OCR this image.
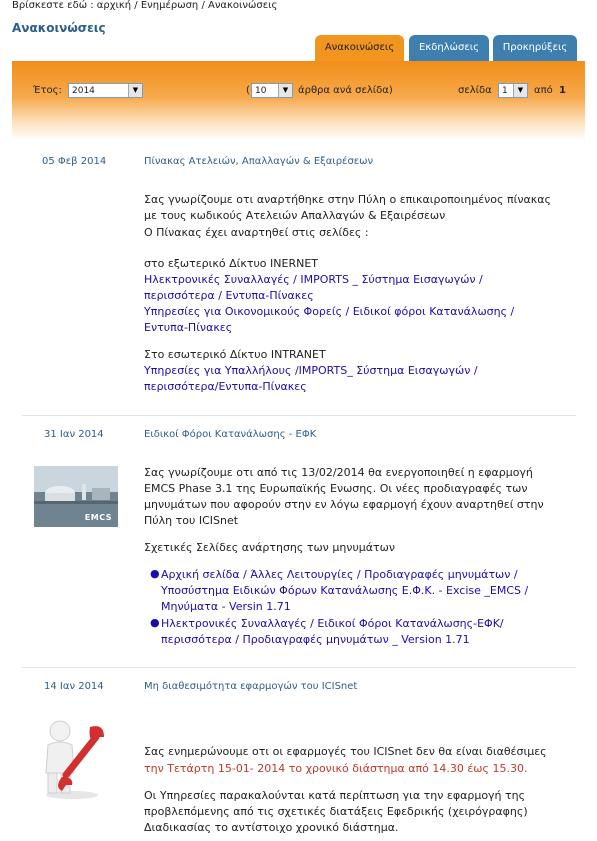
Βρίσκεστε εδώ : αρχική / Ενημέρωση / Ανακοινώσεις
Ανακοινώσεις
Ανακοινώσεις	Εκδηλώσεις	Προκηρύξεις
Έτος:	2014	▼	( 10	▼ άρθρα ανά σελίδα)	σελίδα	1	▼	από 1
05 Φεβ 2014	Πίνακας Ατελειών, Απαλλαγών & Εξαιρέσεων
Σας γνωρίζουμε οτι αναρτήθηκε στην Πύλη ο επικαιροποιημένος πίνακας
με τους κωδικούς Ατελειών Απαλλαγών & Εξαιρέσεων
Ο Πίνακας έχει αναρτηθεί στις σελίδες :
στο εξωτερικό Δίκτυο INERNET
Ηλεκτρονικές Συναλλαγές / IMPORTS _ Σύστημα Εισαγωγών /
περισσότερα / Εντυπα-Πίνακες
Υπηρεσίες για Οικονομικούς Φορείς / Ειδικοί φόροι Κατανάλωσης /
Εντυπα-Πίνακες
Στο εσωτερικό Δίκτυο INTRANET
Υπηρεσίες για Υπαλλήλους /IMPORTS_ Σύστημα Εισαγωγών /
περισσότερα/Εντυπα-Πίνακες
31 Ιαν 2014	Ειδικοί Φόροι Κατανάλωσης - ΕΦΚ
EMCS
Σας γνωρίζουμε οτι από τις 13/02/2014 θα ενεργοποιηθεί η εφαρμογή
EMCS Phase 3.1 της Ευρωπαϊκής Ενωσης. Οι νέες προδιαγραφές των
μηνυμάτων που αφορούν στην εν λόγω εφαρμογή έχουν αναρτηθεί στην
Πύλη του ICISnet
Σχετικές Σελίδες ανάρτησης των μηνυμάτων
● Αρχική σελίδα / Άλλες Λειτουργίες / Προδιαγραφές μηνυμάτων /
Υποσύστημα Ειδικών Φόρων Κατανάλωσης Ε.Φ.Κ. - Excise _EMCS /
Μηνύματα - Versin 1.71
● Ηλεκτρονικές Συναλλαγές / Ειδικοί Φόροι Κατανάλωσης-ΕΦΚ/
περισσότερα / Προδιαγραφές μηνυμάτων _ Version 1.71
14 Ιαν 2014	Μη διαθεσιμότητα εφαρμογών του ICISnet
Σας ενημερώνουμε οτι οι εφαρμογές του ICISnet δεν θα είναι διαθέσιμες
την Τετάρτη 15-01- 2014 το χρονικό διάστημα από 14.30 έως 15.30.
Οι Υπηρεσίες παρακαλούνται κατά περίπτωση για την εφαρμογή της
προβλεπόμενης από τις σχετικές διατάξεις Εφεδρικής (χειρόγραφης)
Διαδικασίας το αντίστοιχο χρονικό διάστημα.
